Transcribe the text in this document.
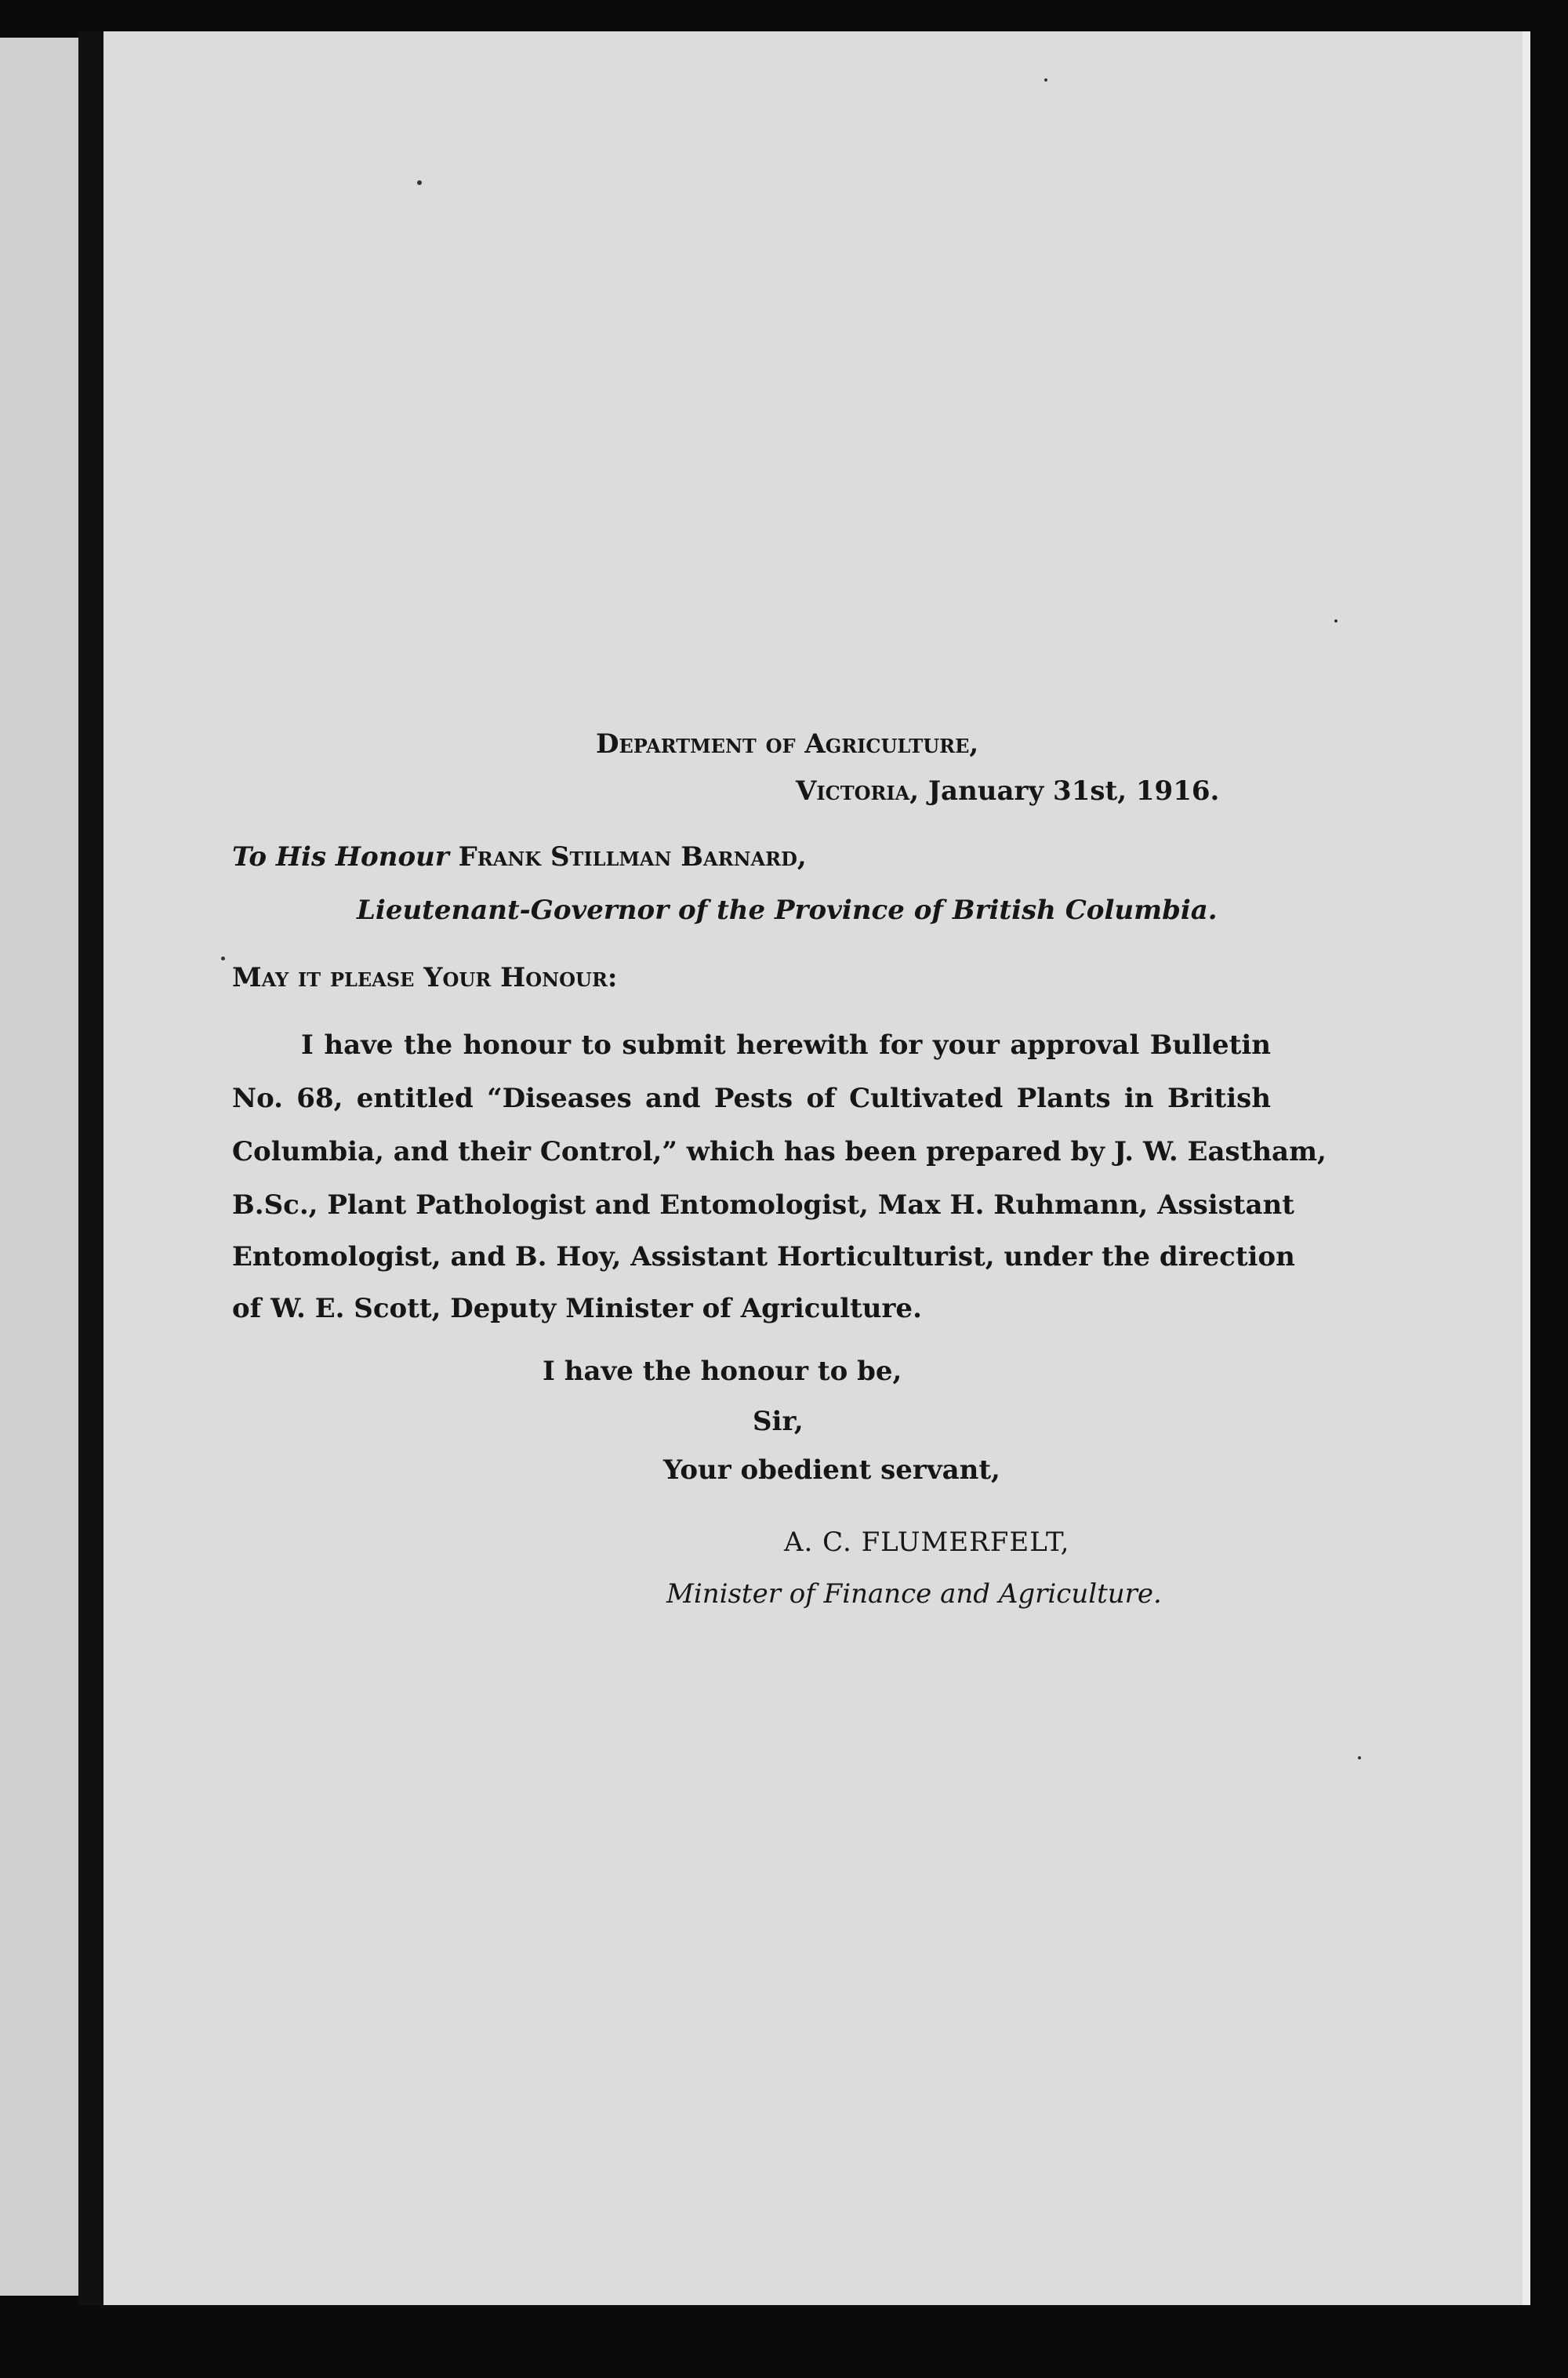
Department of Agriculture,

Victoria, January 31st, 1916.

To His Honour Frank Stillman Barnard,

Lieutenant-Governor of the Province of British Columbia.

May it please Your Honour:

I have the honour to submit herewith for your approval Bulletin

No. 68, entitled “Diseases and Pests of Cultivated Plants in British

Columbia, and their Control,” which has been prepared by J. W. Eastham,

B.Sc., Plant Pathologist and Entomologist, Max H. Ruhmann, Assistant

Entomologist, and B. Hoy, Assistant Horticulturist, under the direction

of W. E. Scott, Deputy Minister of Agriculture.

I have the honour to be,

Sir,

Your obedient servant,

A. C. FLUMERFELT,

Minister of Finance and Agriculture.
